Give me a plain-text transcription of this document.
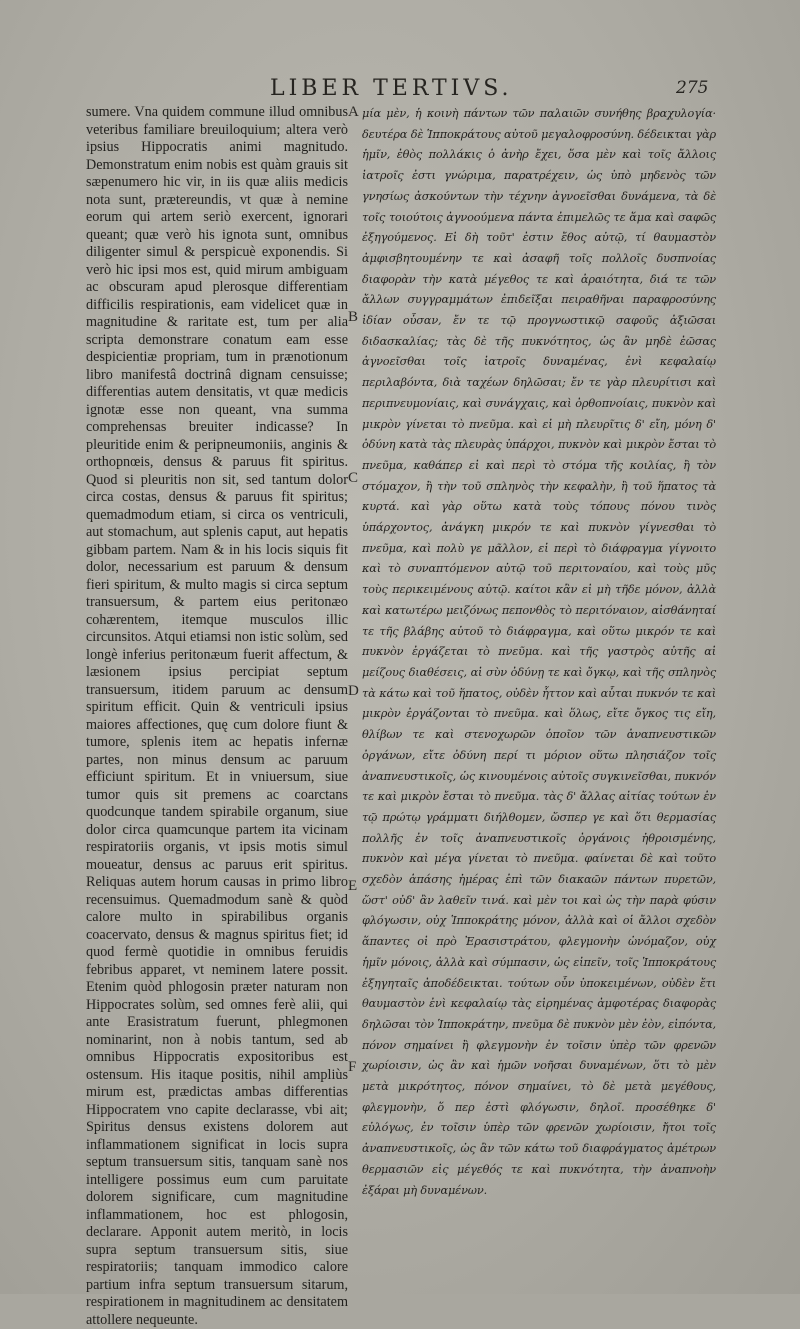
LIBER TERTIVS.	275

sumere. Vna quidem commune illud omnibus veteribus familiare breuiloquium; altera verò ipsius Hippocratis animi magnitudo. Demonstratum enim nobis est quàm grauis sit sæpenumero hic vir, in iis quæ aliis medicis nota sunt, prætereundis, vt quæ à nemine eorum qui artem seriò exercent, ignorari queant; quæ verò his ignota sunt, omnibus diligenter simul & perspicuè exponendis. Si verò hic ipsi mos est, quid mirum ambiguam ac obscuram apud plerosque differentiam difficilis respirationis, eam videlicet quæ in magnitudine & raritate est, tum per alia scripta demonstrare conatum eam esse despicientiæ propriam, tum in prænotionum libro manifestâ doctrinâ dignam censuisse; differentias autem densitatis, vt quæ medicis ignotæ esse non queant, vna summa comprehensas breuiter indicasse? In pleuritide enim & peripneumoniis, anginis & orthopnœis, densus & paruus fit spiritus. Quod si pleuritis non sit, sed tantum dolor circa costas, densus & paruus fit spiritus; quemadmodum etiam, si circa os ventriculi, aut stomachum, aut splenis caput, aut hepatis gibbam partem. Nam & in his locis siquis fit dolor, necessarium est paruum & densum fieri spiritum, & multo magis si circa septum transuersum, & partem eius peritonæo cohærentem, itemque musculos illic circunsitos. Atqui etiamsi non istic solùm, sed longè inferius peritonæum fuerit affectum, & læsionem ipsius percipiat septum transuersum, itidem paruum ac densum spiritum efficit. Quin & ventriculi ipsius maiores affectiones, quę cum dolore fiunt & tumore, splenis item ac hepatis infernæ partes, non minus densum ac paruum efficiunt spiritum. Et in vniuersum, siue tumor quis sit premens ac coarctans quodcunque tandem spirabile organum, siue dolor circa quamcunque partem ita vicinam respiratoriis organis, vt ipsis motis simul moueatur, densus ac paruus erit spiritus. Reliquas autem horum causas in primo libro recensuimus. Quemadmodum sanè & quòd calore multo in spirabilibus organis coacervato, densus & magnus spiritus fiet; id quod fermè quotidie in omnibus feruidis febribus apparet, vt neminem latere possit. Etenim quòd phlogosin præter naturam non Hippocrates solùm, sed omnes ferè alii, qui ante Erasistratum fuerunt, phlegmonen nominarint, non à nobis tantum, sed ab omnibus Hippocratis expositoribus est ostensum. His itaque positis, nihil ampliùs mirum est, prædictas ambas differentias Hippocratem vno capite declarasse, vbi ait; Spiritus densus existens dolorem aut inflammationem significat in locis supra septum transuersum sitis, tanquam sanè nos intelligere possimus eum cum paruitate dolorem significare, cum magnitudine inflammationem, hoc est phlogosin, declarare. Apponit autem meritò, in locis supra septum transuersum sitis, siue respiratoriis; tanquam immodico calore partium infra septum transuersum sitarum, respirationem in magnitudinem ac densitatem attollere nequeunte.

A
B
C
D
E
F

μία μὲν, ἡ κοινὴ πάντων τῶν παλαιῶν συνήθης βραχυλογία· δευτέρα δὲ Ἱπποκράτους αὐτοῦ μεγαλοφροσύνη. δέδεικται γὰρ ἡμῖν, ἐθὸς πολλάκις ὁ ἀνὴρ ἔχει, ὅσα μὲν καὶ τοῖς ἄλλοις ἰατροῖς ἐστι γνώριμα, παρατρέχειν, ὡς ὑπὸ μηδενὸς τῶν γνησίως ἀσκούντων τὴν τέχνην ἀγνοεῖσθαι δυνάμενα, τὰ δὲ τοῖς τοιούτοις ἀγνοούμενα πάντα ἐπιμελῶς τε ἅμα καὶ σαφῶς ἐξηγούμενος. Εἰ δὴ τοῦτ' ἐστιν ἔθος αὐτῷ, τί θαυμαστὸν ἀμφισβητουμένην τε καὶ ἀσαφῆ τοῖς πολλοῖς δυσπνοίας διαφορὰν τὴν κατὰ μέγεθος τε καὶ ἀραιότητα, διά τε τῶν ἄλλων συγγραμμάτων ἐπιδεῖξαι πειραθῆναι παραφροσύνης ἰδίαν οὖσαν, ἔν τε τῷ προγνωστικῷ σαφοῦς ἀξιῶσαι διδασκαλίας; τὰς δὲ τῆς πυκνότητος, ὡς ἂν μηδὲ ἐῶσας ἀγνοεῖσθαι τοῖς ἰατροῖς δυναμένας, ἐνὶ κεφαλαίῳ περιλαβόντα, διὰ ταχέων δηλῶσαι; ἔν τε γὰρ πλευρίτισι καὶ περιπνευμονίαις, καὶ συνάγχαις, καὶ ὀρθοπνοίαις, πυκνὸν καὶ μικρὸν γίνεται τὸ πνεῦμα. καὶ εἰ μὴ πλευρῖτις δ' εἴη, μόνη δ' ὀδύνη κατὰ τὰς πλευρὰς ὑπάρχοι, πυκνὸν καὶ μικρὸν ἔσται τὸ πνεῦμα, καθάπερ εἰ καὶ περὶ τὸ στόμα τῆς κοιλίας, ἢ τὸν στόμαχον, ἢ τὴν τοῦ σπληνὸς τὴν κεφαλὴν, ἢ τοῦ ἥπατος τὰ κυρτά. καὶ γὰρ οὕτω κατὰ τοὺς τόπους πόνου τινὸς ὑπάρχοντος, ἀνάγκη μικρόν τε καὶ πυκνὸν γίγνεσθαι τὸ πνεῦμα, καὶ πολὺ γε μᾶλλον, εἰ περὶ τὸ διάφραγμα γίγνοιτο καὶ τὸ συναπτόμενον αὐτῷ τοῦ περιτοναίου, καὶ τοὺς μῦς τοὺς περικειμένους αὐτῷ. καίτοι κἂν εἰ μὴ τῆδε μόνον, ἀλλὰ καὶ κατωτέρω μειζόνως πεπονθὸς τὸ περιτόναιον, αἰσθάνηταί τε τῆς βλάβης αὐτοῦ τὸ διάφραγμα, καὶ οὕτω μικρόν τε καὶ πυκνὸν ἐργάζεται τὸ πνεῦμα. καὶ τῆς γαστρὸς αὐτῆς αἱ μείζους διαθέσεις, αἱ σὺν ὀδύνῃ τε καὶ ὄγκῳ, καὶ τῆς σπληνὸς τὰ κάτω καὶ τοῦ ἥπατος, οὐδὲν ἧττον καὶ αὗται πυκνόν τε καὶ μικρὸν ἐργάζονται τὸ πνεῦμα. καὶ ὅλως, εἴτε ὄγκος τις εἴη, θλίβων τε καὶ στενοχωρῶν ὁποῖον τῶν ἀναπνευστικῶν ὀργάνων, εἴτε ὀδύνη περί τι μόριον οὕτω πλησιάζον τοῖς ἀναπνευστικοῖς, ὡς κινουμένοις αὐτοῖς συγκινεῖσθαι, πυκνόν τε καὶ μικρὸν ἔσται τὸ πνεῦμα. τὰς δ' ἄλλας αἰτίας τούτων ἐν τῷ πρώτῳ γράμματι διήλθομεν, ὥσπερ γε καὶ ὅτι θερμασίας πολλῆς ἐν τοῖς ἀναπνευστικοῖς ὀργάνοις ἠθροισμένης, πυκνὸν καὶ μέγα γίνεται τὸ πνεῦμα. φαίνεται δὲ καὶ τοῦτο σχεδὸν ἁπάσης ἡμέρας ἐπὶ τῶν διακαῶν πάντων πυρετῶν, ὥστ' οὐδ' ἂν λαθεῖν τινά. καὶ μὲν τοι καὶ ὡς τὴν παρὰ φύσιν φλόγωσιν, οὐχ Ἱπποκράτης μόνον, ἀλλὰ καὶ οἱ ἄλλοι σχεδὸν ἅπαντες οἱ πρὸ Ἐρασιστράτου, φλεγμονὴν ὠνόμαζον, οὐχ ἡμῖν μόνοις, ἀλλὰ καὶ σύμπασιν, ὡς εἰπεῖν, τοῖς Ἱπποκράτους ἐξηγηταῖς ἀποδέδεικται. τούτων οὖν ὑποκειμένων, οὐδὲν ἔτι θαυμαστὸν ἐνὶ κεφαλαίῳ τὰς εἰρημένας ἀμφοτέρας διαφορὰς δηλῶσαι τὸν Ἱπποκράτην, πνεῦμα δὲ πυκνὸν μὲν ἐὸν, εἰπόντα, πόνον σημαίνει ἢ φλεγμονὴν ἐν τοῖσιν ὑπὲρ τῶν φρενῶν χωρίοισιν, ὡς ἂν καὶ ἡμῶν νοῆσαι δυναμένων, ὅτι τὸ μὲν μετὰ μικρότητος, πόνον σημαίνει, τὸ δὲ μετὰ μεγέθους, φλεγμονὴν, ὅ περ ἐστὶ φλόγωσιν, δηλοῖ. προσέθηκε δ' εὐλόγως, ἐν τοῖσιν ὑπὲρ τῶν φρενῶν χωρίοισιν, ἤτοι τοῖς ἀναπνευστικοῖς, ὡς ἂν τῶν κάτω τοῦ διαφράγματος ἀμέτρων θερμασιῶν εἰς μέγεθός τε καὶ πυκνότητα, τὴν ἀναπνοὴν ἐξάραι μὴ δυναμένων.
